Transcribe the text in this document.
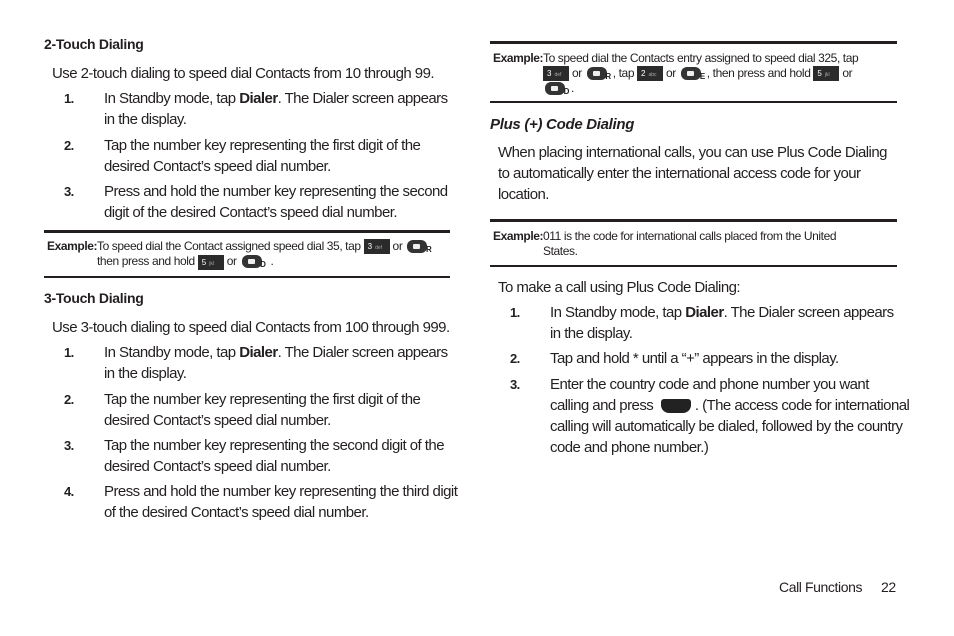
2-Touch Dialing
Use 2-touch dialing to speed dial Contacts from 10 through 99.
1. In Standby mode, tap Dialer. The Dialer screen appears in the display.
2. Tap the number key representing the first digit of the desired Contact’s speed dial number.
3. Press and hold the number key representing the second digit of the desired Contact’s speed dial number.
Example: To speed dial the Contact assigned speed dial 35, tap 3 def or	R

then press and hold 5 jkl or	D .
3-Touch Dialing
Use 3-touch dialing to speed dial Contacts from 100 through 999.
1. In Standby mode, tap Dialer. The Dialer screen appears in the display.
2. Tap the number key representing the first digit of the desired Contact’s speed dial number.
3. Tap the number key representing the second digit of the desired Contact’s speed dial number.
4. Press and hold the number key representing the third digit of the desired Contact’s speed dial number.
Example: To speed dial the Contacts entry assigned to speed dial 325, tap
3 def or	R , tap 2 abc or	E , then press and hold 5 jkl or

D .
Plus (+) Code Dialing
When placing international calls, you can use Plus Code Dialing to automatically enter the international access code for your location.
Example: 011 is the code for international calls placed from the United States.
To make a call using Plus Code Dialing:
1. In Standby mode, tap Dialer. The Dialer screen appears in the display.
2. Tap and hold * until a “+” appears in the display.
3. Enter the country code and phone number you want calling and press	. (The access code for international calling will automatically be dialed, followed by the country code and phone number.)
Call Functions 22
